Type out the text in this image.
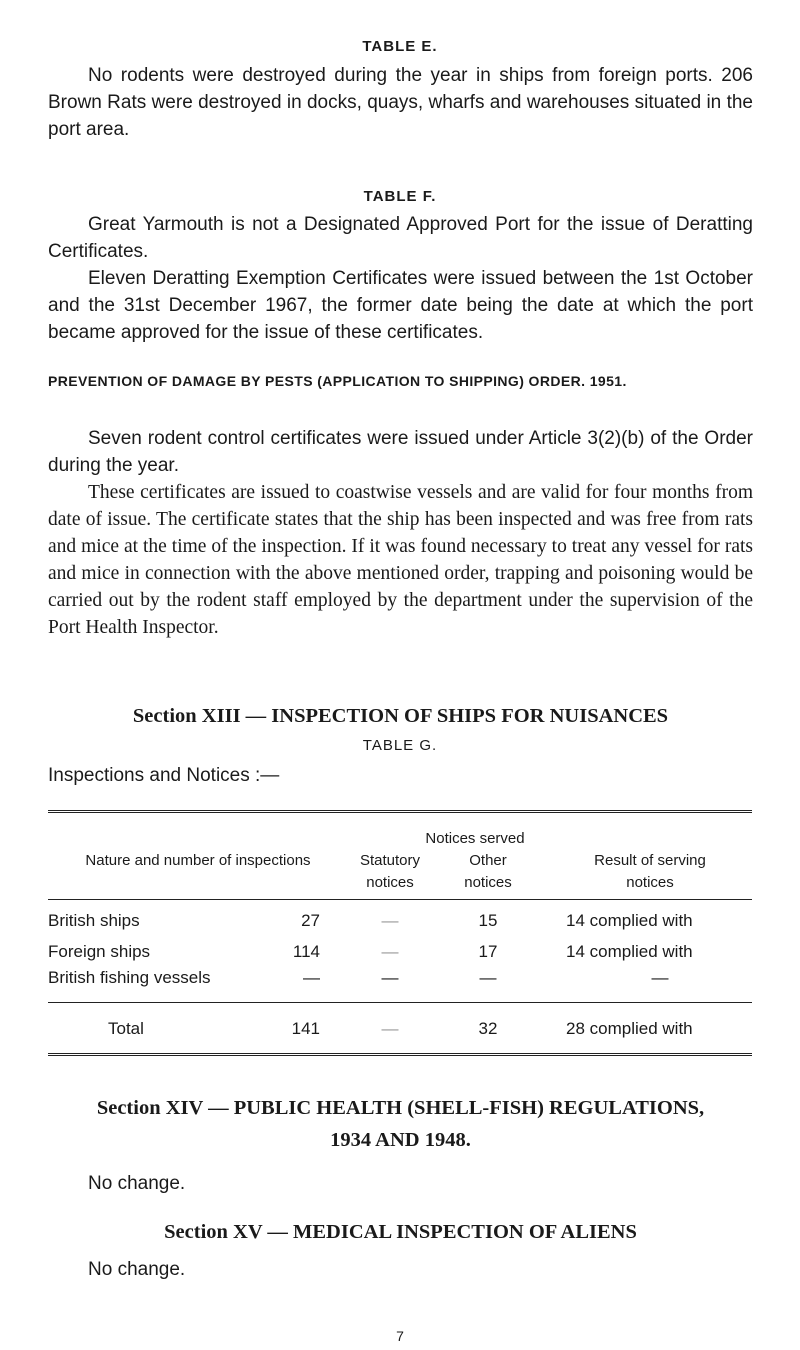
TABLE E.

No rodents were destroyed during the year in ships from foreign ports. 206 Brown Rats were destroyed in docks, quays, wharfs and warehouses situated in the port area.

TABLE F.

Great Yarmouth is not a Designated Approved Port for the issue of Deratting Certificates.

Eleven Deratting Exemption Certificates were issued between the 1st October and the 31st December 1967, the former date being the date at which the port became approved for the issue of these certificates.

PREVENTION OF DAMAGE BY PESTS (APPLICATION TO SHIPPING) ORDER. 1951.

Seven rodent control certificates were issued under Article 3(2)(b) of the Order during the year.

These certificates are issued to coastwise vessels and are valid for four months from date of issue. The certificate states that the ship has been inspected and was free from rats and mice at the time of the inspection. If it was found necessary to treat any vessel for rats and mice in connection with the above mentioned order, trapping and poisoning would be carried out by the rodent staff employed by the department under the supervision of the Port Health Inspector.

Section XIII — INSPECTION OF SHIPS FOR NUISANCES

TABLE G.

Inspections and Notices :—

Nature and number of inspections
Notices served
Statutory notices
Other notices
Result of serving notices
British ships	27	—	15	14 complied with
Foreign ships	114	—	17	14 complied with
British fishing vessels	—	—	—	—
Total	141	—	32	28 complied with

Section XIV — PUBLIC HEALTH (SHELL-FISH) REGULATIONS,

1934 AND 1948.

No change.

Section XV — MEDICAL INSPECTION OF ALIENS

No change.

7
